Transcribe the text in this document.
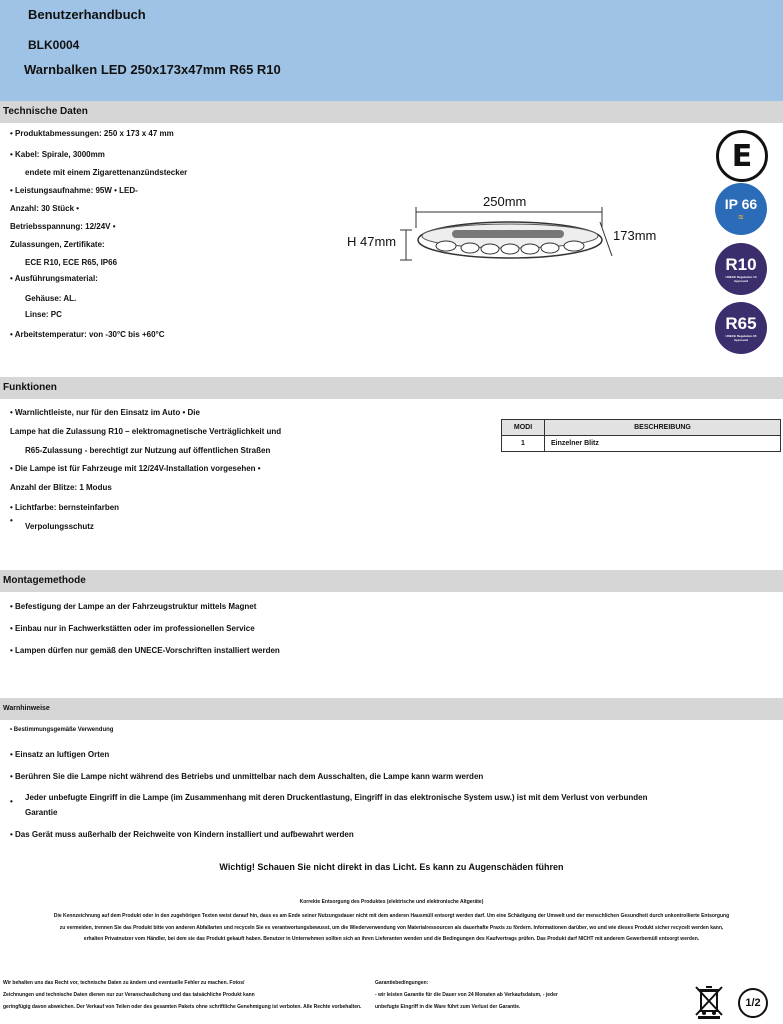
Benutzerhandbuch
BLK0004
Warnbalken LED 250x173x47mm R65 R10
Technische Daten
• Produktabmessungen: 250 x 173 x 47 mm
• Kabel: Spirale, 3000mm
endete mit einem Zigarettenanzündstecker
• Leistungsaufnahme: 95W • LED-
Anzahl: 30 Stück •
Betriebsspannung: 12/24V •
Zulassungen, Zertifikate:
ECE R10, ECE R65, IP66
• Ausführungsmaterial:
Gehäuse: AL.
Linse: PC
• Arbeitstemperatur: von -30°C bis +60°C
250mm
H 47mm	173mm
E
IP 66
≈
R10
UNECE Regulation 10 Approved
R65
UNECE Regulation 65 Approved
Funktionen
• Warnlichtleiste, nur für den Einsatz im Auto • Die
Lampe hat die Zulassung R10 – elektromagnetische Verträglichkeit und
R65-Zulassung - berechtigt zur Nutzung auf öffentlichen Straßen
• Die Lampe ist für Fahrzeuge mit 12/24V-Installation vorgesehen •
Anzahl der Blitze: 1 Modus
• Lichtfarbe: bernsteinfarben
•
Verpolungsschutz
MODI	BESCHREIBUNG
1	Einzelner Blitz
Montagemethode
• Befestigung der Lampe an der Fahrzeugstruktur mittels Magnet
• Einbau nur in Fachwerkstätten oder im professionellen Service
• Lampen dürfen nur gemäß den UNECE-Vorschriften installiert werden
Warnhinweise
• Bestimmungsgemäße Verwendung
• Einsatz an luftigen Orten
• Berühren Sie die Lampe nicht während des Betriebs und unmittelbar nach dem Ausschalten, die Lampe kann warm werden
• Jeder unbefugte Eingriff in die Lampe (im Zusammenhang mit deren Druckentlastung, Eingriff in das elektronische System usw.) ist mit dem Verlust von verbunden
Garantie
• Das Gerät muss außerhalb der Reichweite von Kindern installiert und aufbewahrt werden
Wichtig! Schauen Sie nicht direkt in das Licht. Es kann zu Augenschäden führen
Korrekte Entsorgung des Produktes (elektrische und elektronische Altgeräte)
Die Kennzeichnung auf dem Produkt oder in den zugehörigen Texten weist darauf hin, dass es am Ende seiner Nutzungsdauer nicht mit dem anderen Hausmüll entsorgt werden darf. Um eine Schädigung der Umwelt und der menschlichen Gesundheit durch unkontrollierte Entsorgung
zu vermeiden, trennen Sie das Produkt bitte von anderen Abfallarten und recyceln Sie es verantwortungsbewusst, um die Wiederverwendung von Materialressourcen als dauerhafte Praxis zu fördern. Informationen darüber, wo und wie dieses Produkt sicher recycelt werden kann,
erhalten Privatnutzer vom Händler, bei dem sie das Produkt gekauft haben. Benutzer in Unternehmen sollten sich an ihren Lieferanten wenden und die Bedingungen des Kaufvertrags prüfen. Das Produkt darf NICHT mit anderem Gewerbemüll entsorgt werden.
Wir behalten uns das Recht vor, technische Daten zu ändern und eventuelle Fehler zu machen. Fotos/
Zeichnungen und technische Daten dienen nur zur Veranschaulichung und das tatsächliche Produkt kann
geringfügig davon abweichen. Der Verkauf von Teilen oder des gesamten Pakets ohne schriftliche Genehmigung ist verboten. Alle Rechte vorbehalten.
Garantiebedingungen:
- wir leisten Garantie für die Dauer von 24 Monaten ab Verkaufsdatum, - jeder
unbefugte Eingriff in die Ware führt zum Verlust der Garantie.	1/2
